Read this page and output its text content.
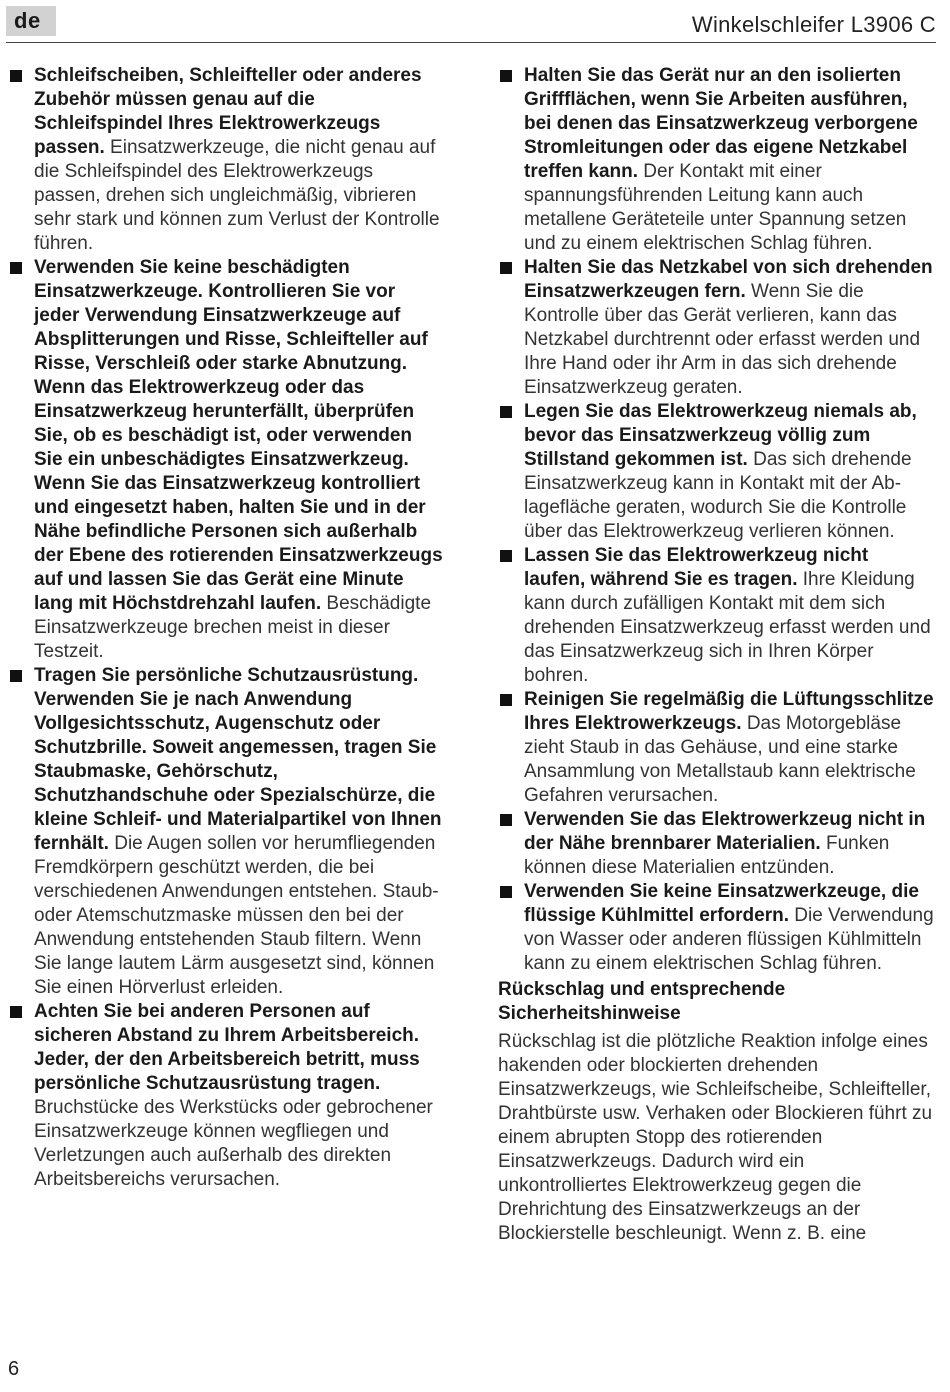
de	Winkelschleifer L3906 C

Schleifscheiben, Schleifteller oder anderes Zubehör müssen genau auf die Schleifspindel Ihres Elektrowerkzeugs passen. Einsatzwerkzeuge, die nicht genau auf die Schleifspindel des Elektrowerkzeugs passen, drehen sich ungleichmäßig, vibrieren sehr stark und können zum Verlust der Kontrolle führen.

Verwenden Sie keine beschädigten Einsatzwerkzeuge. Kontrollieren Sie vor jeder Verwendung Einsatzwerkzeuge auf Absplitterungen und Risse, Schleifteller auf Risse, Verschleiß oder starke Abnutzung. Wenn das Elektrowerkzeug oder das Einsatzwerkzeug herunterfällt, überprüfen Sie, ob es beschädigt ist, oder verwenden Sie ein unbeschädigtes Einsatzwerkzeug. Wenn Sie das Einsatzwerkzeug kontrolliert und eingesetzt haben, halten Sie und in der Nähe befindliche Personen sich außerhalb der Ebene des rotierenden Einsatzwerkzeugs auf und lassen Sie das Gerät eine Minute lang mit Höchstdrehzahl laufen. Beschädigte Einsatzwerkzeuge brechen meist in dieser Testzeit.

Tragen Sie persönliche Schutzausrüstung. Verwenden Sie je nach Anwendung Vollgesichtsschutz, Augenschutz oder Schutzbrille. Soweit angemessen, tragen Sie Staubmaske, Gehörschutz, Schutzhandschuhe oder Spezialschürze, die kleine Schleif- und Materialpartikel von Ihnen fernhält. Die Augen sollen vor herumfliegenden Fremdkörpern geschützt werden, die bei verschiedenen Anwendungen entstehen. Staub- oder Atemschutzmaske müssen den bei der Anwendung entstehenden Staub filtern. Wenn Sie lange lautem Lärm ausgesetzt sind, können Sie einen Hörverlust erleiden.

Achten Sie bei anderen Personen auf sicheren Abstand zu Ihrem Arbeitsbereich. Jeder, der den Arbeitsbereich betritt, muss persönliche Schutzausrüstung tragen. Bruchstücke des Werkstücks oder gebrochener Einsatzwerkzeuge können wegfliegen und Verletzungen auch außerhalb des direkten Arbeitsbereichs verursachen.

Halten Sie das Gerät nur an den isolierten Griffflächen, wenn Sie Arbeiten ausführen, bei denen das Einsatzwerkzeug verborgene Stromleitungen oder das eigene Netzkabel treffen kann. Der Kontakt mit einer spannungsführenden Leitung kann auch metallene Geräteteile unter Spannung setzen und zu einem elektrischen Schlag führen.

Halten Sie das Netzkabel von sich drehenden Einsatzwerkzeugen fern. Wenn Sie die Kontrolle über das Gerät verlieren, kann das Netzkabel durchtrennt oder erfasst werden und Ihre Hand oder ihr Arm in das sich drehende Einsatzwerkzeug geraten.

Legen Sie das Elektrowerkzeug niemals ab, bevor das Einsatzwerkzeug völlig zum Stillstand gekommen ist. Das sich drehende Einsatzwerkzeug kann in Kontakt mit der Ablagefläche geraten, wodurch Sie die Kontrolle über das Elektrowerkzeug verlieren können.

Lassen Sie das Elektrowerkzeug nicht laufen, während Sie es tragen. Ihre Kleidung kann durch zufälligen Kontakt mit dem sich drehenden Einsatzwerkzeug erfasst werden und das Einsatzwerkzeug sich in Ihren Körper bohren.

Reinigen Sie regelmäßig die Lüftungsschlitze Ihres Elektrowerkzeugs. Das Motorgebläse zieht Staub in das Gehäuse, und eine starke Ansammlung von Metallstaub kann elektrische Gefahren verursachen.

Verwenden Sie das Elektrowerkzeug nicht in der Nähe brennbarer Materialien. Funken können diese Materialien entzünden.

Verwenden Sie keine Einsatzwerkzeuge, die flüssige Kühlmittel erfordern. Die Verwendung von Wasser oder anderen flüssigen Kühlmitteln kann zu einem elektrischen Schlag führen.

Rückschlag und entsprechende Sicherheitshinweise

Rückschlag ist die plötzliche Reaktion infolge eines hakenden oder blockierten drehenden Einsatzwerkzeugs, wie Schleifscheibe, Schleifteller, Drahtbürste usw. Verhaken oder Blockieren führt zu einem abrupten Stopp des rotierenden Einsatzwerkzeugs. Dadurch wird ein unkontrolliertes Elektrowerkzeug gegen die Drehrichtung des Einsatzwerkzeugs an der Blockierstelle beschleunigt. Wenn z. B. eine

6
